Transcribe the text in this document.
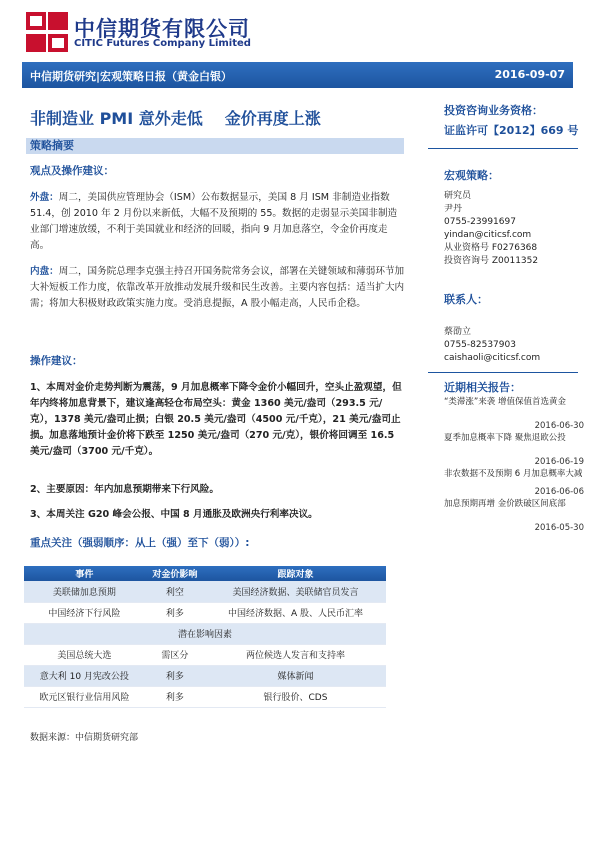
中信期货有限公司
CITIC Futures Company Limited
中信期货研究|宏观策略日报（黄金白银）	2016-09-07
非制造业 PMI 意外走低 金价再度上涨
策略摘要
观点及操作建议：
外盘：周二，美国供应管理协会（ISM）公布数据显示，美国 8 月 ISM 非制造业指数 51.4，创 2010 年 2 月份以来新低，大幅不及预期的 55。数据的走弱显示美国非制造业部门增速放缓，不利于美国就业和经济的回暖，指向 9 月加息落空，令金价再度走高。
内盘：周二，国务院总理李克强主持召开国务院常务会议，部署在关键领域和薄弱环节加大补短板工作力度，依靠改革开放推动发展升级和民生改善。主要内容包括：适当扩大内需；将加大积极财政政策实施力度。受消息提振，A 股小幅走高，人民币企稳。
操作建议：
1、本周对金价走势判断为震荡，9 月加息概率下降令金价小幅回升，空头止盈观望，但年内终将加息背景下，建议逢高轻仓布局空头：黄金 1360 美元/盎司（293.5 元/克），1378 美元/盎司止损；白银 20.5 美元/盎司（4500 元/千克），21 美元/盎司止损。加息落地预计金价将下跌至 1250 美元/盎司（270 元/克），银价将回调至 16.5 美元/盎司（3700 元/千克）。
2、主要原因：年内加息预期带来下行风险。
3、本周关注 G20 峰会公报、中国 8 月通胀及欧洲央行利率决议。
重点关注（强弱顺序：从上（强）至下（弱））:
事件	对金价影响	跟踪对象
美联储加息预期	利空	美国经济数据、美联储官员发言
中国经济下行风险	利多	中国经济数据、A 股、人民币汇率
潜在影响因素		
美国总统大选	需区分	两位候选人发言和支持率
意大利 10 月宪改公投	利多	媒体新闻
欧元区银行业信用风险	利多	银行股价、CDS
数据来源：中信期货研究部
投资咨询业务资格：
证监许可【2012】669 号
宏观策略：
研究员
尹丹
0755-23991697
yindan@citicsf.com
从业资格号 F0276368
投资咨询号 Z0011352
联系人：
蔡劭立
0755-82537903
caishaoli@citicsf.com
近期相关报告：
“类滞涨”来袭 增值保值首选黄金
2016-06-30
夏季加息概率下降 聚焦退欧公投
2016-06-19
非农数据不及预期 6 月加息概率大减
2016-06-06
加息预期再增 金价跌破区间底部
2016-05-30
